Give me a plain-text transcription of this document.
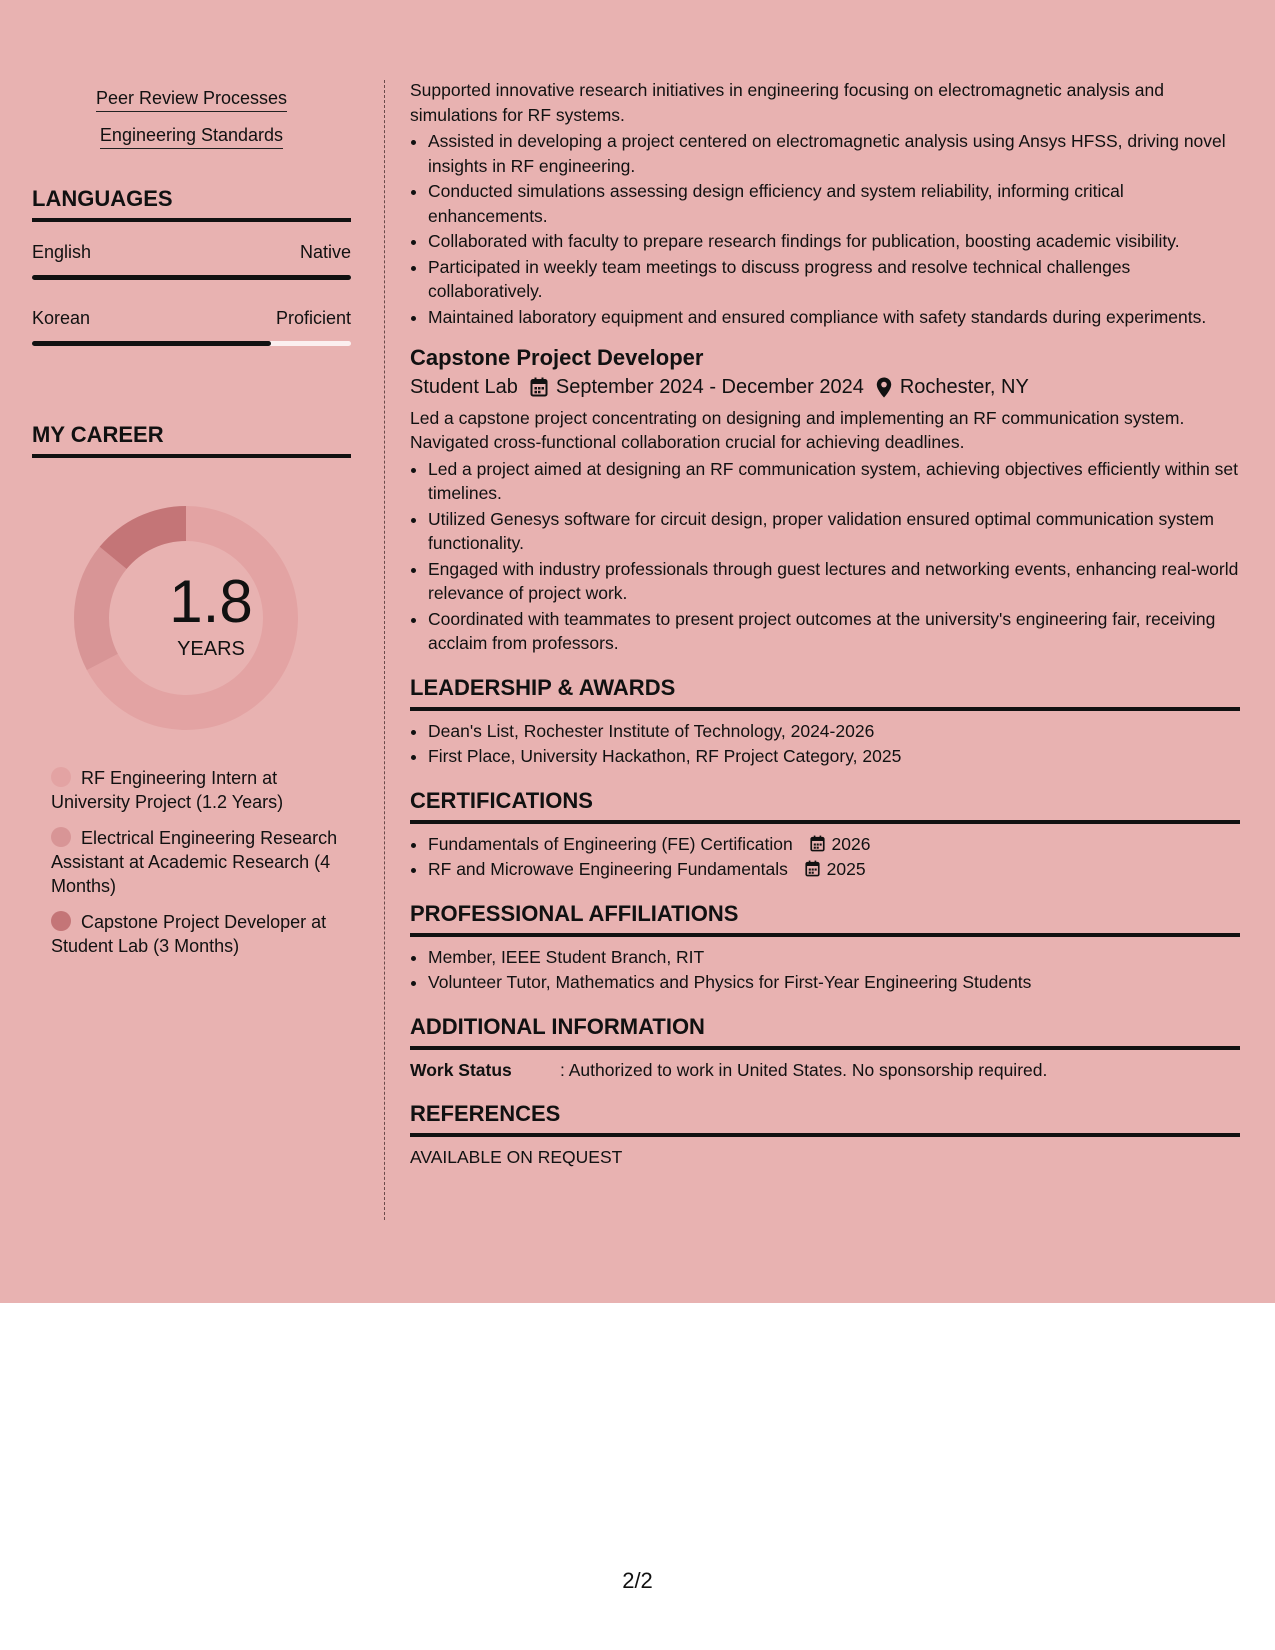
Peer Review Processes
Engineering Standards
LANGUAGES
English	Native
Korean	Proficient
MY CAREER
1.8
YEARS
RF Engineering Intern at University Project (1.2 Years)
Electrical Engineering Research Assistant at Academic Research (4 Months)
Capstone Project Developer at Student Lab (3 Months)

Supported innovative research initiatives in engineering focusing on electromagnetic analysis and simulations for RF systems.

• Assisted in developing a project centered on electromagnetic analysis using Ansys HFSS, driving novel insights in RF engineering.
• Conducted simulations assessing design efficiency and system reliability, informing critical enhancements.
• Collaborated with faculty to prepare research findings for publication, boosting academic visibility.
• Participated in weekly team meetings to discuss progress and resolve technical challenges collaboratively.
• Maintained laboratory equipment and ensured compliance with safety standards during experiments.
Capstone Project Developer
Student Lab September 2024 - December 2024 Rochester, NY

Led a capstone project concentrating on designing and implementing an RF communication system. Navigated cross-functional collaboration crucial for achieving deadlines.

• Led a project aimed at designing an RF communication system, achieving objectives efficiently within set timelines.
• Utilized Genesys software for circuit design, proper validation ensured optimal communication system functionality.
• Engaged with industry professionals through guest lectures and networking events, enhancing real-world relevance of project work.
• Coordinated with teammates to present project outcomes at the university's engineering fair, receiving acclaim from professors.
LEADERSHIP & AWARDS
• Dean's List, Rochester Institute of Technology, 2024-2026
• First Place, University Hackathon, RF Project Category, 2025
CERTIFICATIONS
• Fundamentals of Engineering (FE) Certification 2026
• RF and Microwave Engineering Fundamentals 2025
PROFESSIONAL AFFILIATIONS
• Member, IEEE Student Branch, RIT
• Volunteer Tutor, Mathematics and Physics for First-Year Engineering Students
ADDITIONAL INFORMATION
Work Status	: Authorized to work in United States. No sponsorship required.
REFERENCES

AVAILABLE ON REQUEST

2/2
